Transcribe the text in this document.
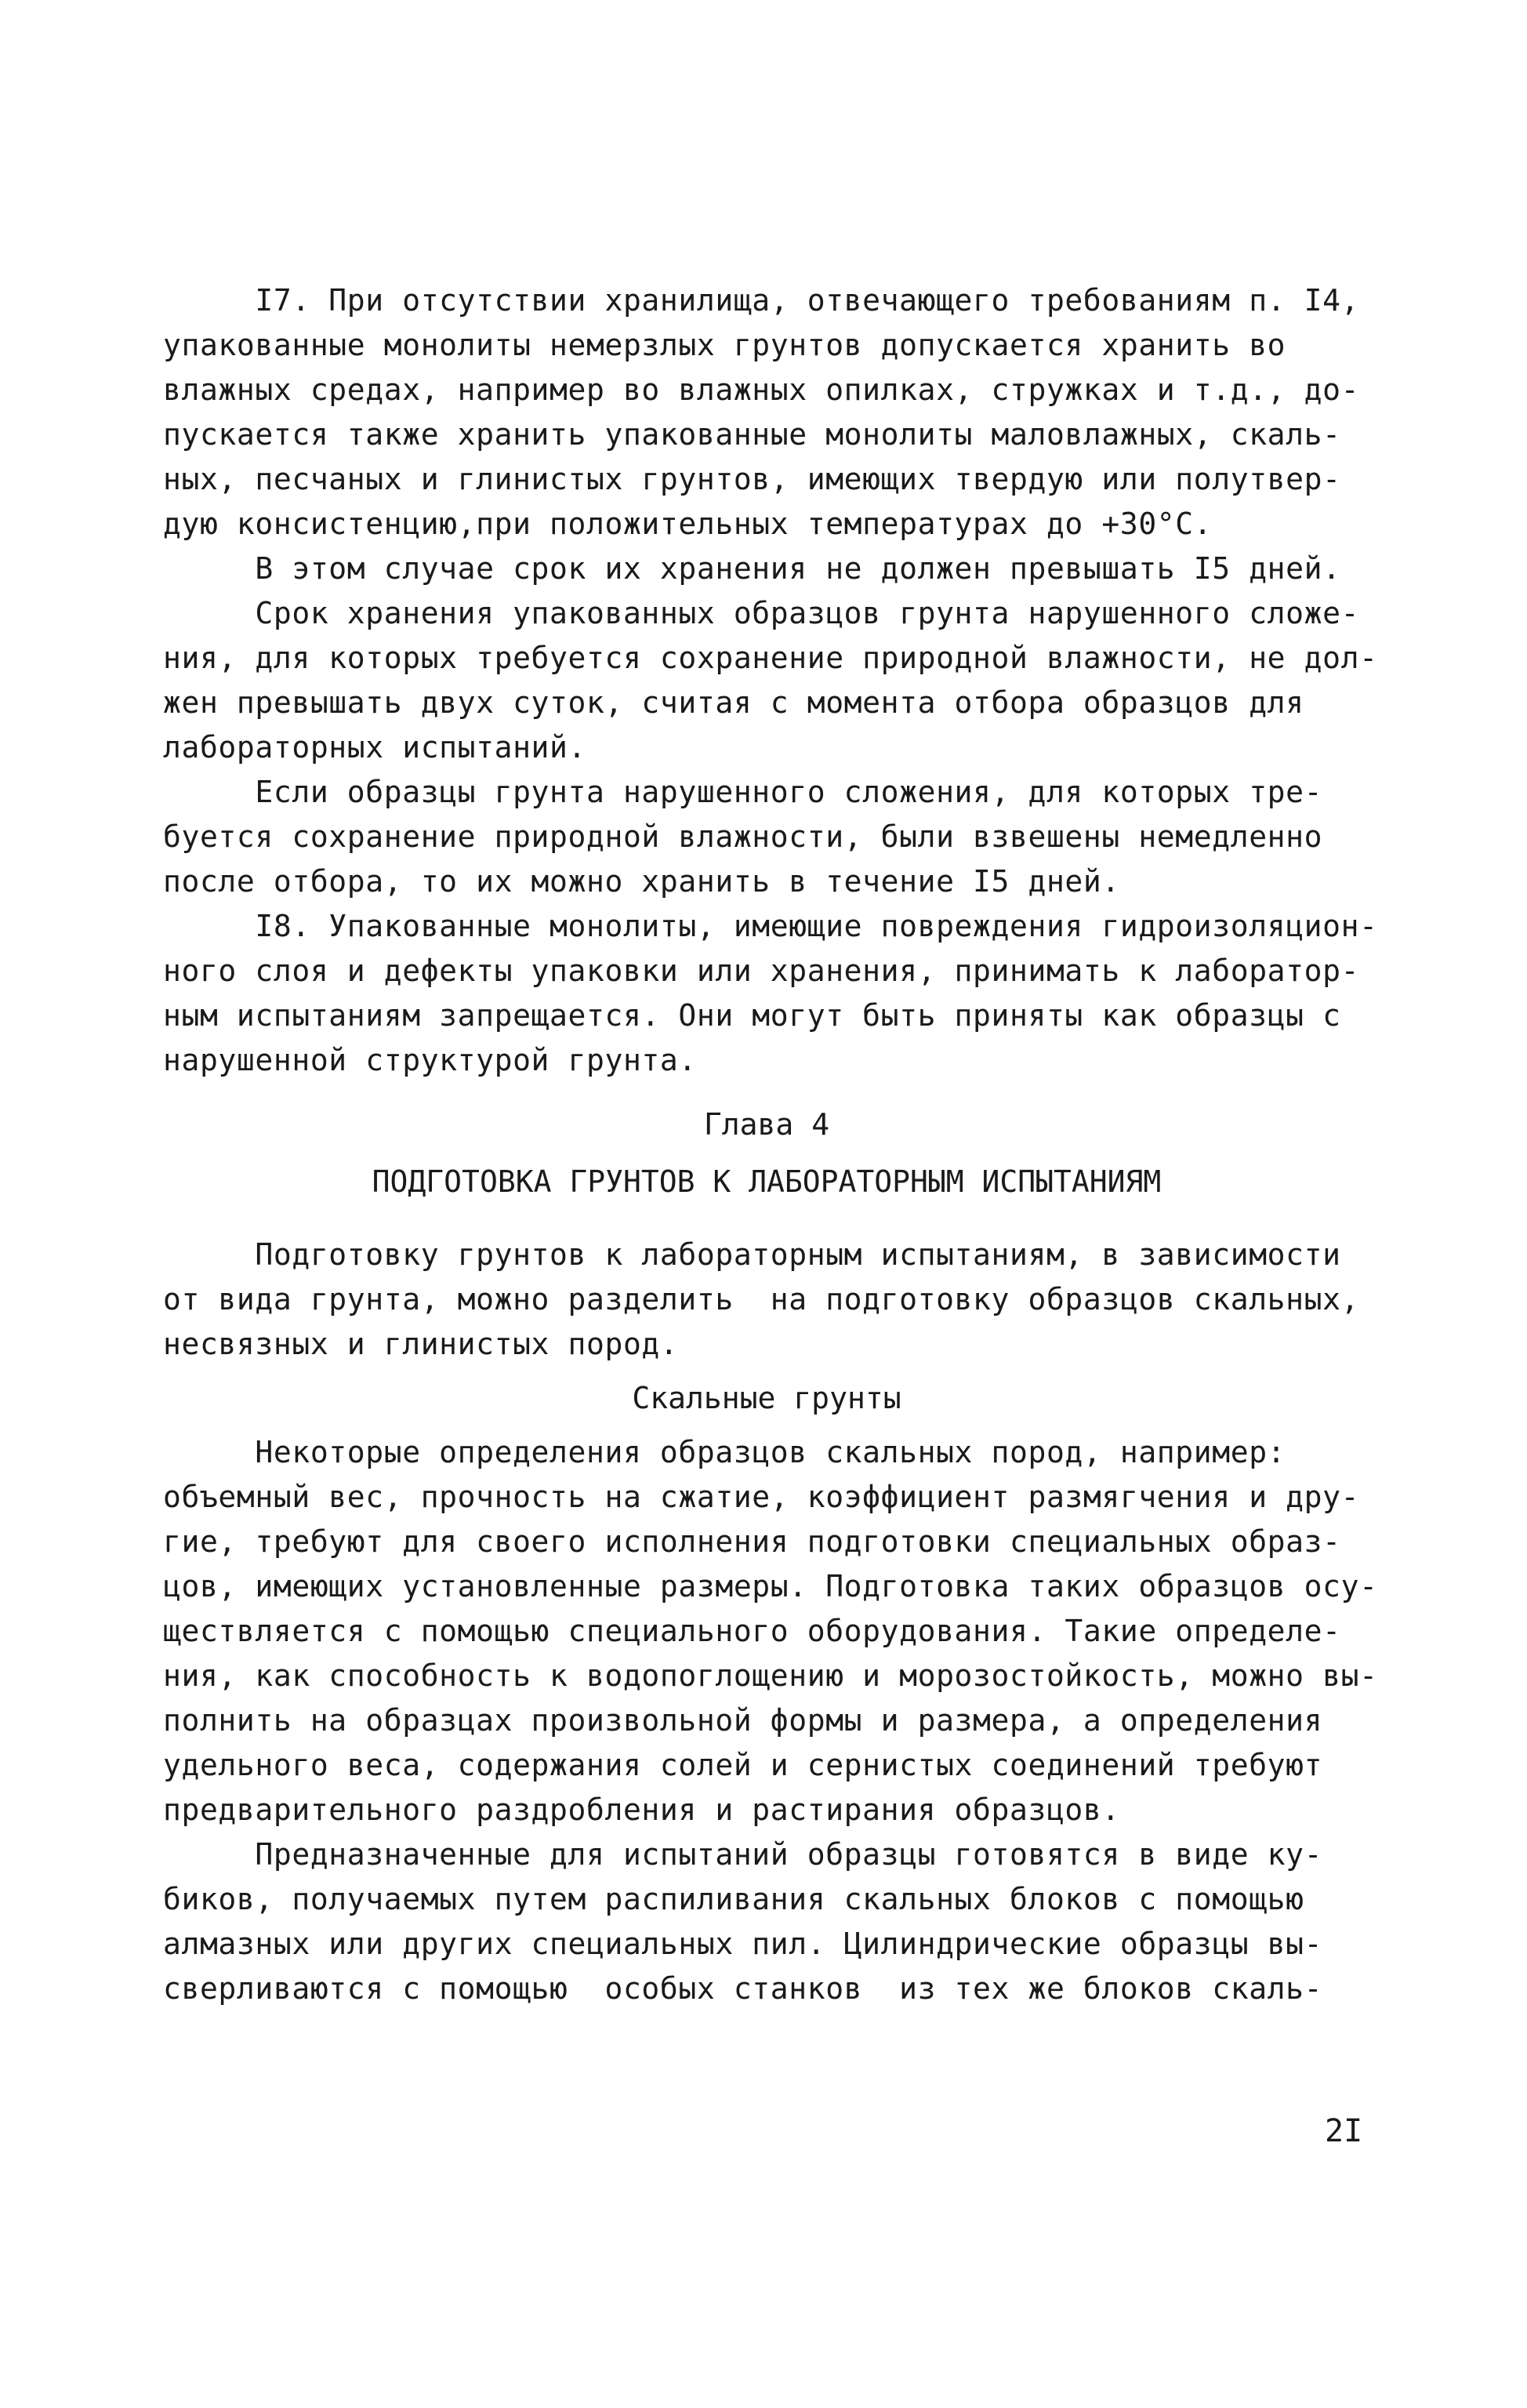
I7. При отсутствии хранилища, отвечающего требованиям п. I4,
упакованные монолиты немерзлых грунтов допускается хранить во
влажных средах, например во влажных опилках, стружках и т.д., до-
пускается также хранить упакованные монолиты маловлажных, скаль-
ных, песчаных и глинистых грунтов, имеющих твердую или полутвер-
дую консистенцию,при положительных температурах до +30°С.
В этом случае срок их хранения не должен превышать I5 дней.
Срок хранения упакованных образцов грунта нарушенного сложе-
ния, для которых требуется сохранение природной влажности, не дол-
жен превышать двух суток, считая с момента отбора образцов для
лабораторных испытаний.
Если образцы грунта нарушенного сложения, для которых тре-
буется сохранение природной влажности, были взвешены немедленно
после отбора, то их можно хранить в течение I5 дней.
I8. Упакованные монолиты, имеющие повреждения гидроизоляцион-
ного слоя и дефекты упаковки или хранения, принимать к лаборатор-
ным испытаниям запрещается. Они могут быть приняты как образцы с
нарушенной структурой грунта.
Глава 4
ПОДГОТОВКА ГРУНТОВ К ЛАБОРАТОРНЫМ ИСПЫТАНИЯМ
Подготовку грунтов к лабораторным испытаниям, в зависимости
от вида грунта, можно разделить  на подготовку образцов скальных,
несвязных и глинистых пород.
Скальные грунты
Некоторые определения образцов скальных пород, например:
объемный вес, прочность на сжатие, коэффициент размягчения и дру-
гие, требуют для своего исполнения подготовки специальных образ-
цов, имеющих установленные размеры. Подготовка таких образцов осу-
ществляется с помощью специального оборудования. Такие определе-
ния, как способность к водопоглощению и морозостойкость, можно вы-
полнить на образцах произвольной формы и размера, а определения
удельного веса, содержания солей и сернистых соединений требуют
предварительного раздробления и растирания образцов.
Предназначенные для испытаний образцы готовятся в виде ку-
биков, получаемых путем распиливания скальных блоков с помощью
алмазных или других специальных пил. Цилиндрические образцы вы-
сверливаются с помощью  особых станков  из тех же блоков скаль-
2I
